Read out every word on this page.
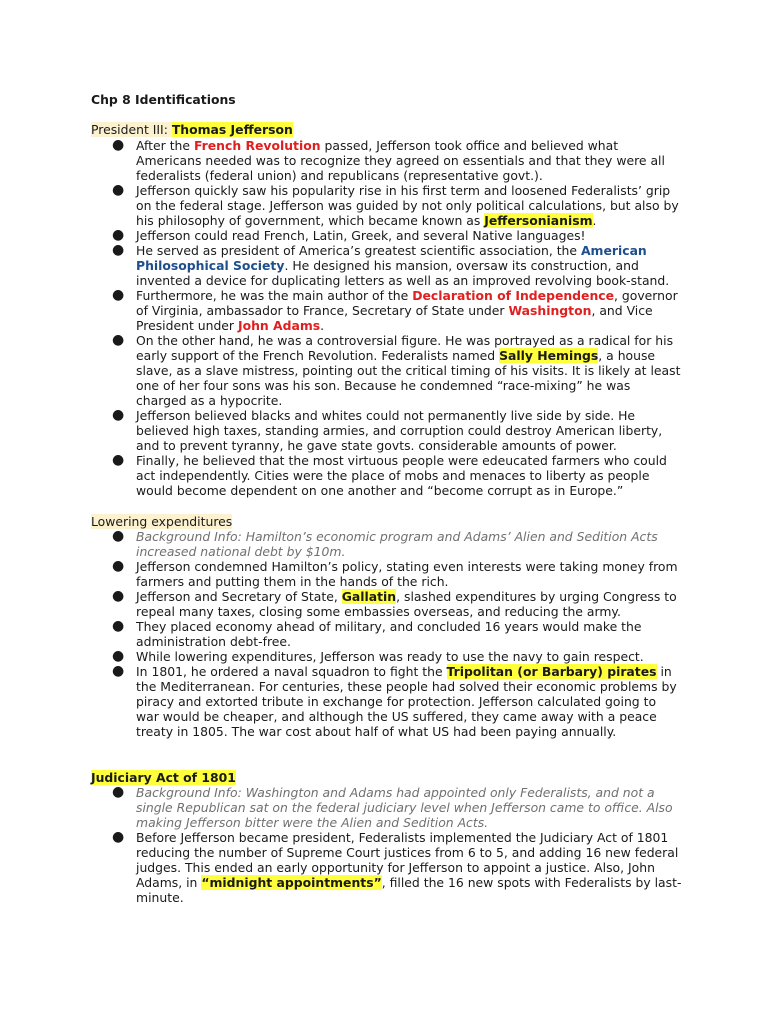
Chp 8 Identifications
President III: Thomas Jefferson
● After the French Revolution passed, Jefferson took office and believed what Americans needed was to recognize they agreed on essentials and that they were all federalists (federal union) and republicans (representative govt.).
● Jefferson quickly saw his popularity rise in his first term and loosened Federalists’ grip on the federal stage. Jefferson was guided by not only political calculations, but also by his philosophy of government, which became known as Jeffersonianism.
● Jefferson could read French, Latin, Greek, and several Native languages!
● He served as president of America’s greatest scientific association, the American Philosophical Society. He designed his mansion, oversaw its construction, and invented a device for duplicating letters as well as an improved revolving book-stand.
● Furthermore, he was the main author of the Declaration of Independence, governor of Virginia, ambassador to France, Secretary of State under Washington, and Vice President under John Adams.
● On the other hand, he was a controversial figure. He was portrayed as a radical for his early support of the French Revolution. Federalists named Sally Hemings, a house slave, as a slave mistress, pointing out the critical timing of his visits. It is likely at least one of her four sons was his son. Because he condemned “race-mixing” he was charged as a hypocrite.
● Jefferson believed blacks and whites could not permanently live side by side. He believed high taxes, standing armies, and corruption could destroy American liberty, and to prevent tyranny, he gave state govts. considerable amounts of power.
● Finally, he believed that the most virtuous people were edeucated farmers who could act independently. Cities were the place of mobs and menaces to liberty as people would become dependent on one another and “become corrupt as in Europe.”
Lowering expenditures
● Background Info: Hamilton’s economic program and Adams’ Alien and Sedition Acts increased national debt by $10m.
● Jefferson condemned Hamilton’s policy, stating even interests were taking money from farmers and putting them in the hands of the rich.
● Jefferson and Secretary of State, Gallatin, slashed expenditures by urging Congress to repeal many taxes, closing some embassies overseas, and reducing the army.
● They placed economy ahead of military, and concluded 16 years would make the administration debt-free.
● While lowering expenditures, Jefferson was ready to use the navy to gain respect.
● In 1801, he ordered a naval squadron to fight the Tripolitan (or Barbary) pirates in the Mediterranean. For centuries, these people had solved their economic problems by piracy and extorted tribute in exchange for protection. Jefferson calculated going to war would be cheaper, and although the US suffered, they came away with a peace treaty in 1805. The war cost about half of what US had been paying annually.
Judiciary Act of 1801
● Background Info: Washington and Adams had appointed only Federalists, and not a single Republican sat on the federal judiciary level when Jefferson came to office. Also making Jefferson bitter were the Alien and Sedition Acts.
● Before Jefferson became president, Federalists implemented the Judiciary Act of 1801 reducing the number of Supreme Court justices from 6 to 5, and adding 16 new federal judges. This ended an early opportunity for Jefferson to appoint a justice. Also, John Adams, in “midnight appointments”, filled the 16 new spots with Federalists by last-minute.
